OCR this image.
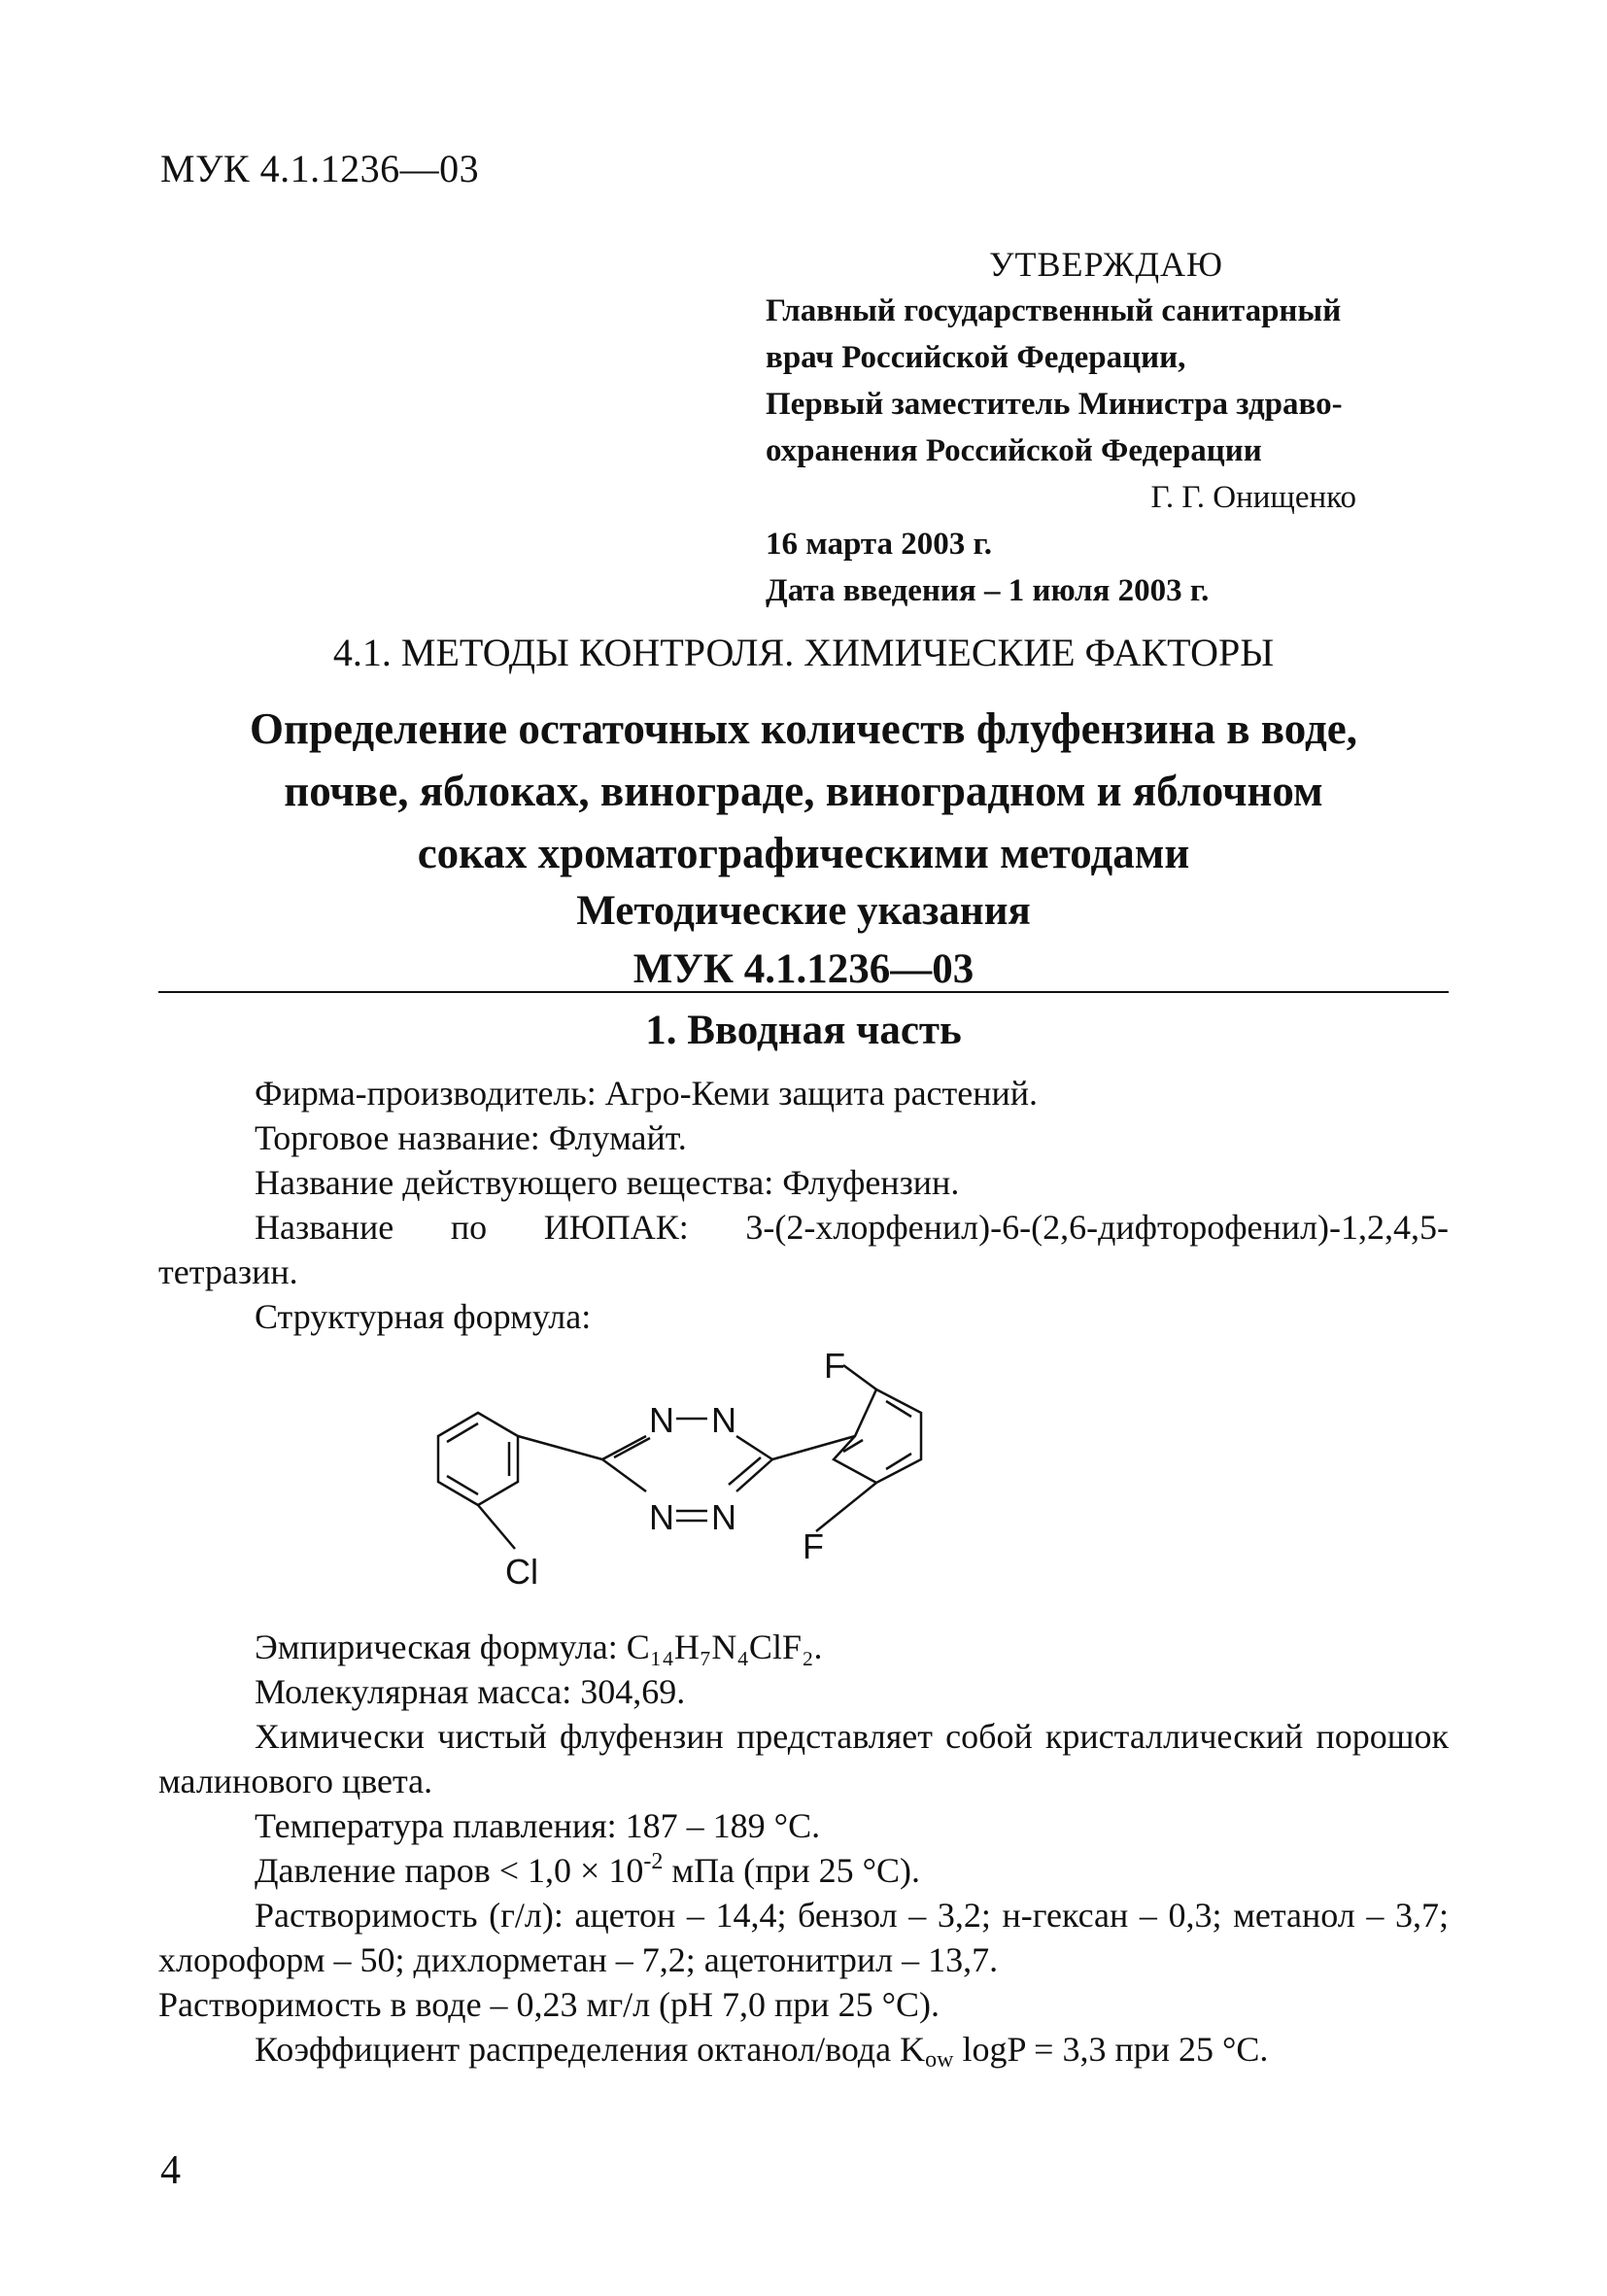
МУК 4.1.1236—03
УТВЕРЖДАЮ
Главный государственный санитарный
врач Российской Федерации,
Первый заместитель Министра здраво-
охранения Российской Федерации
Г. Г. Онищенко
16 марта 2003 г.
Дата введения – 1 июля 2003 г.
4.1. МЕТОДЫ КОНТРОЛЯ. ХИМИЧЕСКИЕ ФАКТОРЫ
Определение остаточных количеств флуфензина в воде,
почве, яблоках, винограде, виноградном и яблочном
соках хроматографическими методами
Методические указания
МУК 4.1.1236—03
1. Вводная часть
Фирма-производитель: Агро-Кеми защита растений.
Торговое название: Флумайт.
Название действующего вещества: Флуфензин.
Название по ИЮПАК: 3-(2-хлорфенил)-6-(2,6-дифторофенил)-1,2,4,5-тетразин.
Структурная формула:
N N
N N
F
F
Cl
Эмпирическая формула: C₁₄H₇N₄ClF₂.
Молекулярная масса: 304,69.
Химически чистый флуфензин представляет собой кристаллический порошок малинового цвета.
Температура плавления: 187 – 189 °С.
Давление паров < $1,0 \times 10^{-2}$ мПа (при 25 °С).
Растворимость (г/л): ацетон – 14,4; бензол – 3,2; н-гексан – 0,3; метанол – 3,7; хлороформ – 50; дихлорметан – 7,2; ацетонитрил – 13,7.
Растворимость в воде – 0,23 мг/л (рН 7,0 при 25 °С).
Коэффициент распределения октанол/вода $K_{ow}$ logP = 3,3 при 25 °С.
4
